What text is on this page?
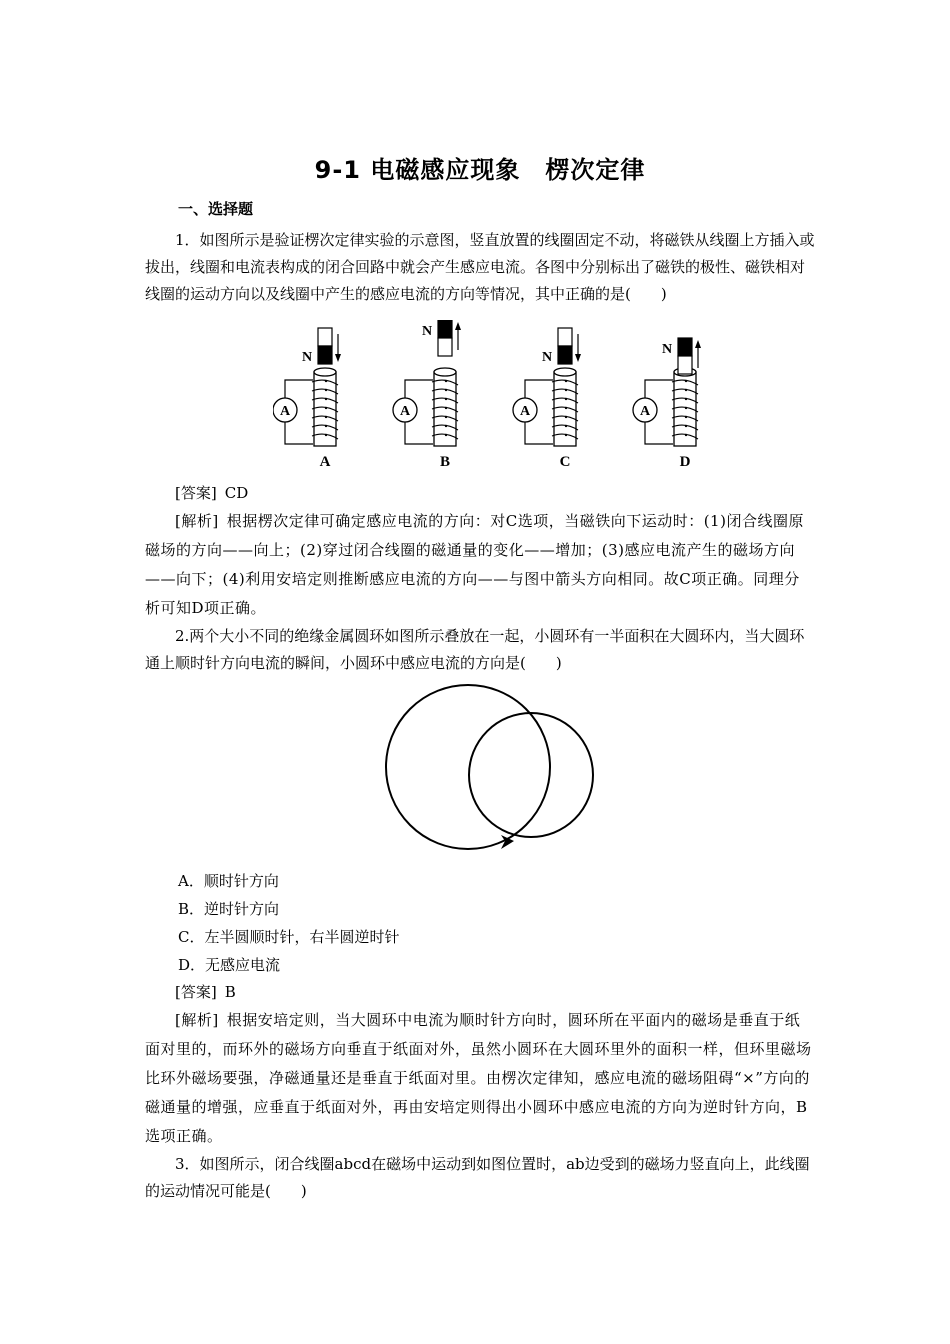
9-1 电磁感应现象　楞次定律
一、选择题

1．如图所示是验证楞次定律实验的示意图，竖直放置的线圈固定不动，将磁铁从线圈上方插入或拔出，线圈和电流表构成的闭合回路中就会产生感应电流。各图中分别标出了磁铁的极性、磁铁相对线圈的运动方向以及线圈中产生的感应电流的方向等情况，其中正确的是(　　)

A
N
A
A
N
B
A
N
C
A
N
D

[答案] CD

[解析] 根据楞次定律可确定感应电流的方向：对C选项，当磁铁向下运动时：(1)闭合线圈原磁场的方向——向上；(2)穿过闭合线圈的磁通量的变化——增加；(3)感应电流产生的磁场方向——向下；(4)利用安培定则推断感应电流的方向——与图中箭头方向相同。故C项正确。同理分析可知D项正确。

2.两个大小不同的绝缘金属圆环如图所示叠放在一起，小圆环有一半面积在大圆环内，当大圆环通上顺时针方向电流的瞬间，小圆环中感应电流的方向是(　　)

A．顺时针方向

B．逆时针方向

C．左半圆顺时针，右半圆逆时针

D．无感应电流

[答案] B

[解析] 根据安培定则，当大圆环中电流为顺时针方向时，圆环所在平面内的磁场是垂直于纸面对里的，而环外的磁场方向垂直于纸面对外，虽然小圆环在大圆环里外的面积一样，但环里磁场比环外磁场要强，净磁通量还是垂直于纸面对里。由楞次定律知，感应电流的磁场阻碍“×”方向的磁通量的增强，应垂直于纸面对外，再由安培定则得出小圆环中感应电流的方向为逆时针方向，B选项正确。

3．如图所示，闭合线圈abcd在磁场中运动到如图位置时，ab边受到的磁场力竖直向上，此线圈的运动情况可能是(　　)
